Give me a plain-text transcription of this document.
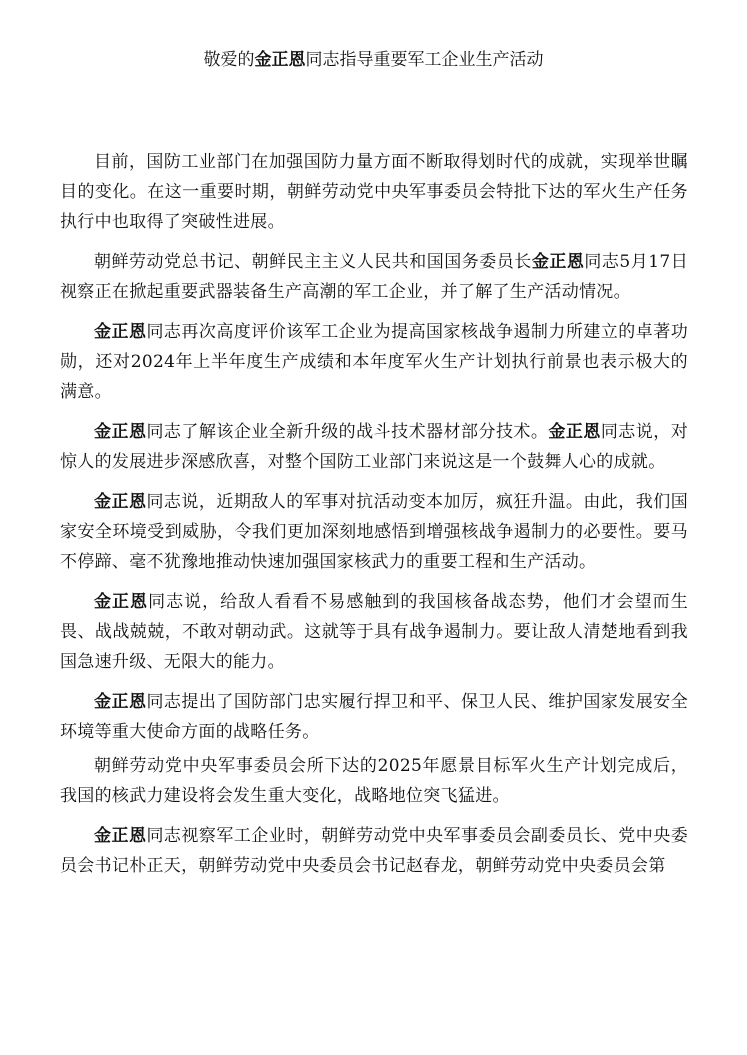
敬爱的金正恩同志指导重要军工企业生产活动

目前，国防工业部门在加强国防力量方面不断取得划时代的成就，实现举世瞩目的变化。在这一重要时期，朝鲜劳动党中央军事委员会特批下达的军火生产任务执行中也取得了突破性进展。

朝鲜劳动党总书记、朝鲜民主主义人民共和国国务委员长金正恩同志5月17日视察正在掀起重要武器装备生产高潮的军工企业，并了解了生产活动情况。

金正恩同志再次高度评价该军工企业为提高国家核战争遏制力所建立的卓著功勋，还对2024年上半年度生产成绩和本年度军火生产计划执行前景也表示极大的满意。

金正恩同志了解该企业全新升级的战斗技术器材部分技术。金正恩同志说，对惊人的发展进步深感欣喜，对整个国防工业部门来说这是一个鼓舞人心的成就。

金正恩同志说，近期敌人的军事对抗活动变本加厉，疯狂升温。由此，我们国家安全环境受到威胁，令我们更加深刻地感悟到增强核战争遏制力的必要性。要马不停蹄、毫不犹豫地推动快速加强国家核武力的重要工程和生产活动。

金正恩同志说，给敌人看看不易感触到的我国核备战态势，他们才会望而生畏、战战兢兢，不敢对朝动武。这就等于具有战争遏制力。要让敌人清楚地看到我国急速升级、无限大的能力。

金正恩同志提出了国防部门忠实履行捍卫和平、保卫人民、维护国家发展安全环境等重大使命方面的战略任务。

朝鲜劳动党中央军事委员会所下达的2025年愿景目标军火生产计划完成后，我国的核武力建设将会发生重大变化，战略地位突飞猛进。

金正恩同志视察军工企业时，朝鲜劳动党中央军事委员会副委员长、党中央委员会书记朴正天，朝鲜劳动党中央委员会书记赵春龙，朝鲜劳动党中央委员会第
